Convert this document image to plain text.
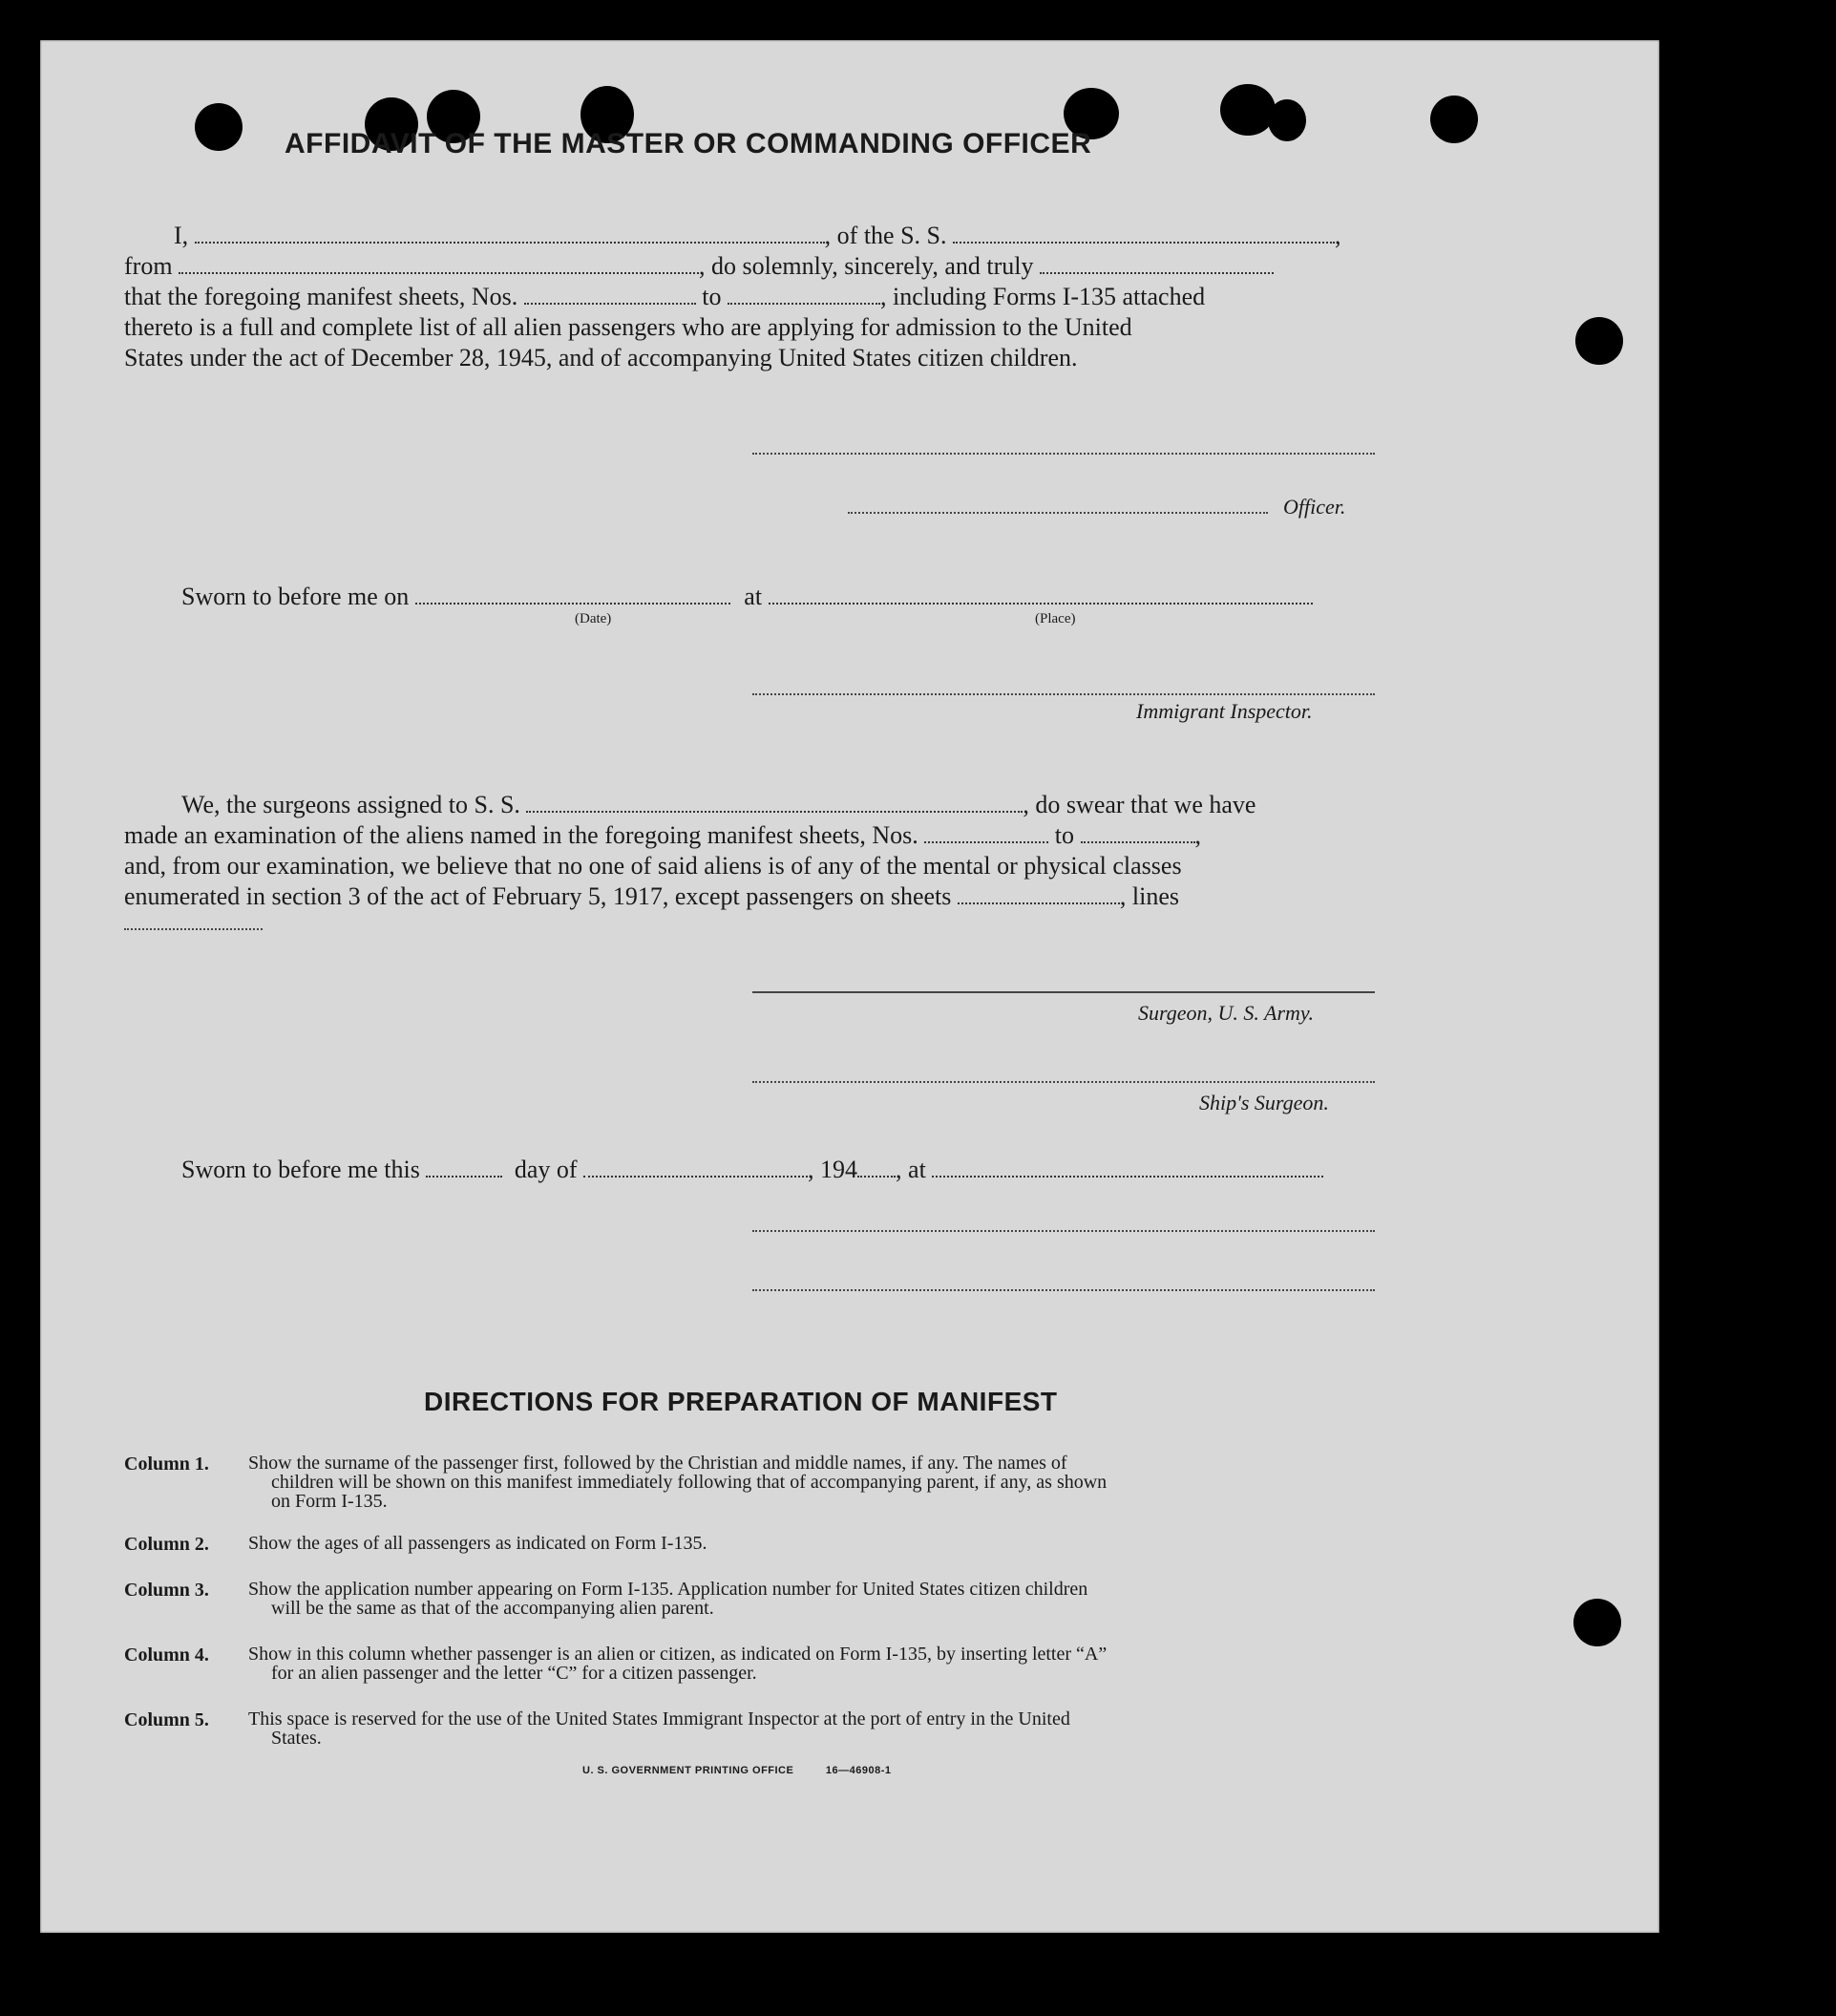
AFFIDAVIT OF THE MASTER OR COMMANDING OFFICER
I,	, of the S. S.	,
from	, do solemnly, sincerely, and truly
that the foregoing manifest sheets, Nos.	to	, including Forms I-135 attached
thereto is a full and complete list of all alien passengers who are applying for admission to the United
States under the act of December 28, 1945, and of accompanying United States citizen children.
Officer.
Sworn to before me on	at
(Date)	(Place)
Immigrant Inspector.
We, the surgeons assigned to S. S.	, do swear that we have
made an examination of the aliens named in the foregoing manifest sheets, Nos.	to	,
and, from our examination, we believe that no one of said aliens is of any of the mental or physical classes
enumerated in section 3 of the act of February 5, 1917, except passengers on sheets	, lines
Surgeon, U. S. Army.
Ship's Surgeon.
Sworn to before me this	day of	, 194 , at
DIRECTIONS FOR PREPARATION OF MANIFEST
Column 1. Show the surname of the passenger first, followed by the Christian and middle names, if any. The names of
children will be shown on this manifest immediately following that of accompanying parent, if any, as shown
on Form I-135.
Column 2. Show the ages of all passengers as indicated on Form I-135.
Column 3. Show the application number appearing on Form I-135. Application number for United States citizen children
will be the same as that of the accompanying alien parent.
Column 4. Show in this column whether passenger is an alien or citizen, as indicated on Form I-135, by inserting letter “A”
for an alien passenger and the letter “C” for a citizen passenger.
Column 5. This space is reserved for the use of the United States Immigrant Inspector at the port of entry in the United
States.
U. S. GOVERNMENT PRINTING OFFICE	16—46908-1
